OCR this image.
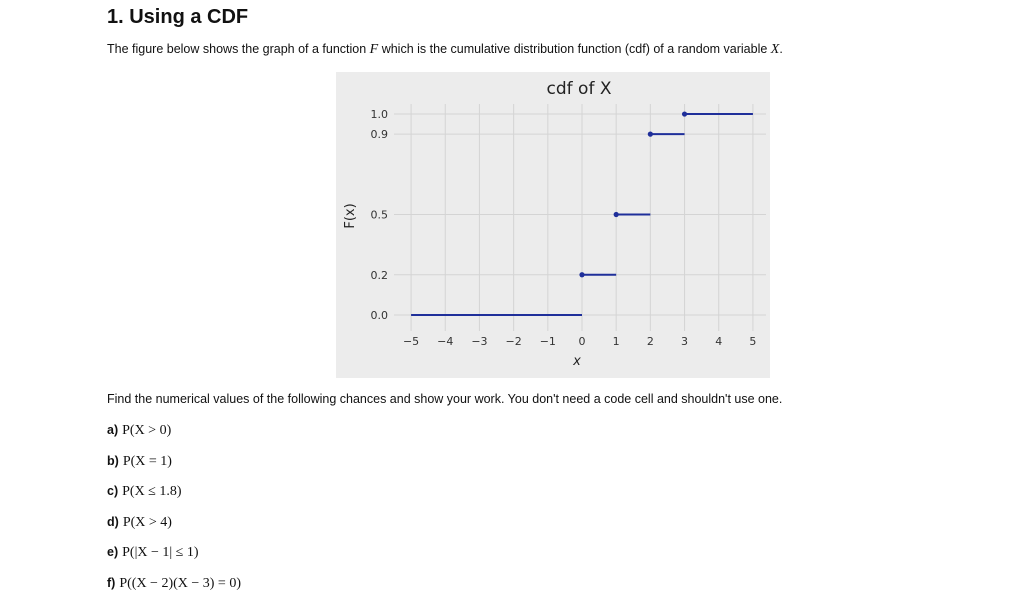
1. Using a CDF
The figure below shows the graph of a function F which is the cumulative distribution function (cdf) of a random variable X.
−5 −4 −3 −2 −1 0 1 2 3 4 5
0.0
0.2
0.5
0.9
1.0
cdf of X
x
F(x)
Find the numerical values of the following chances and show your work. You don't need a code cell and shouldn't use one.
a) P(X > 0)
b) P(X = 1)
c) P(X ≤ 1.8)
d) P(X > 4)
e) P(|X − 1| ≤ 1)
f) P((X − 2)(X − 3) = 0)
